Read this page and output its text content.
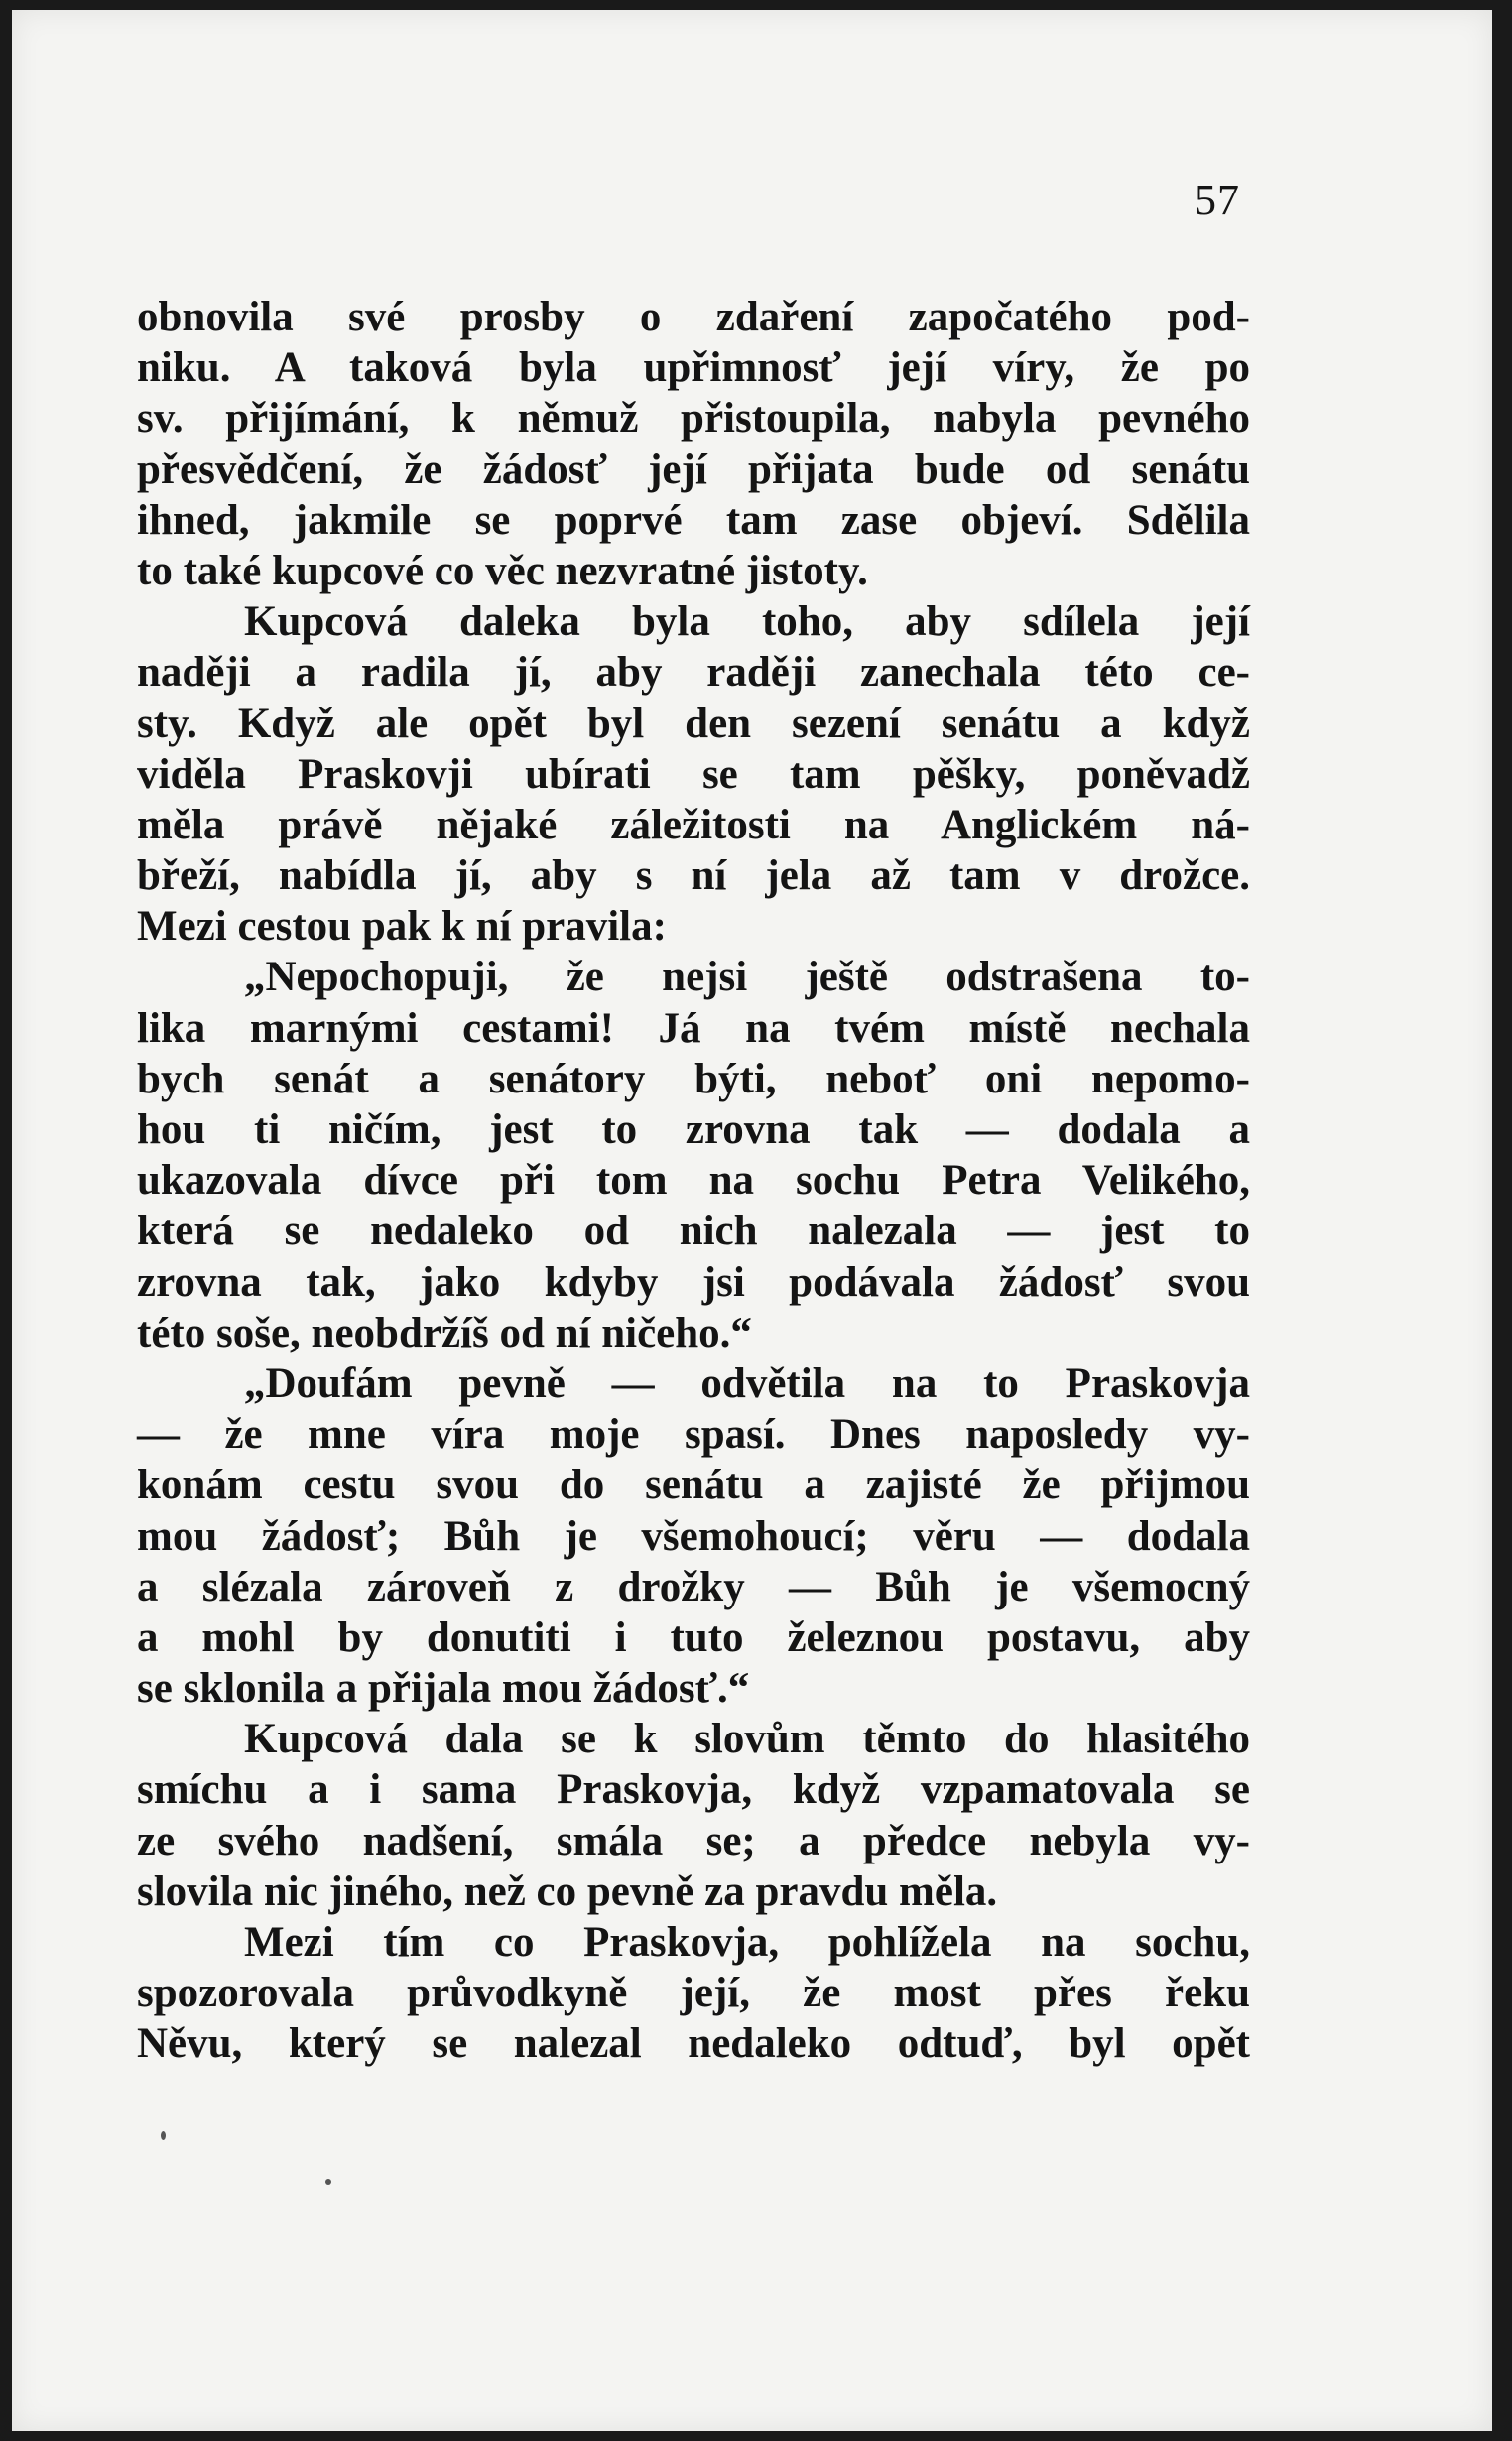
57
obnovila své prosby o zdaření započatého pod-
niku. A taková byla upřimnosť její víry, že po
sv. přijímání, k němuž přistoupila, nabyla pevného
přesvědčení, že žádosť její přijata bude od senátu
ihned, jakmile se poprvé tam zase objeví. Sdělila
to také kupcové co věc nezvratné jistoty.
Kupcová daleka byla toho, aby sdílela její
naději a radila jí, aby raději zanechala této ce-
sty. Když ale opět byl den sezení senátu a když
viděla Praskovji ubírati se tam pěšky, poněvadž
měla právě nějaké záležitosti na Anglickém ná-
břeží, nabídla jí, aby s ní jela až tam v drožce.
Mezi cestou pak k ní pravila:
„Nepochopuji, že nejsi ještě odstrašena to-
lika marnými cestami! Já na tvém místě nechala
bych senát a senátory býti, neboť oni nepomo-
hou ti ničím, jest to zrovna tak — dodala a
ukazovala dívce při tom na sochu Petra Velikého,
která se nedaleko od nich nalezala — jest to
zrovna tak, jako kdyby jsi podávala žádosť svou
této soše, neobdržíš od ní ničeho.“
„Doufám pevně — odvětila na to Praskovja
— že mne víra moje spasí. Dnes naposledy vy-
konám cestu svou do senátu a zajisté že přijmou
mou žádosť; Bůh je všemohoucí; věru — dodala
a slézala zároveň z drožky — Bůh je všemocný
a mohl by donutiti i tuto železnou postavu, aby
se sklonila a přijala mou žádosť.“
Kupcová dala se k slovům těmto do hlasitého
smíchu a i sama Praskovja, když vzpamatovala se
ze svého nadšení, smála se; a předce nebyla vy-
slovila nic jiného, než co pevně za pravdu měla.
Mezi tím co Praskovja, pohlížela na sochu,
spozorovala průvodkyně její, že most přes řeku
Něvu, který se nalezal nedaleko odtuď, byl opět
